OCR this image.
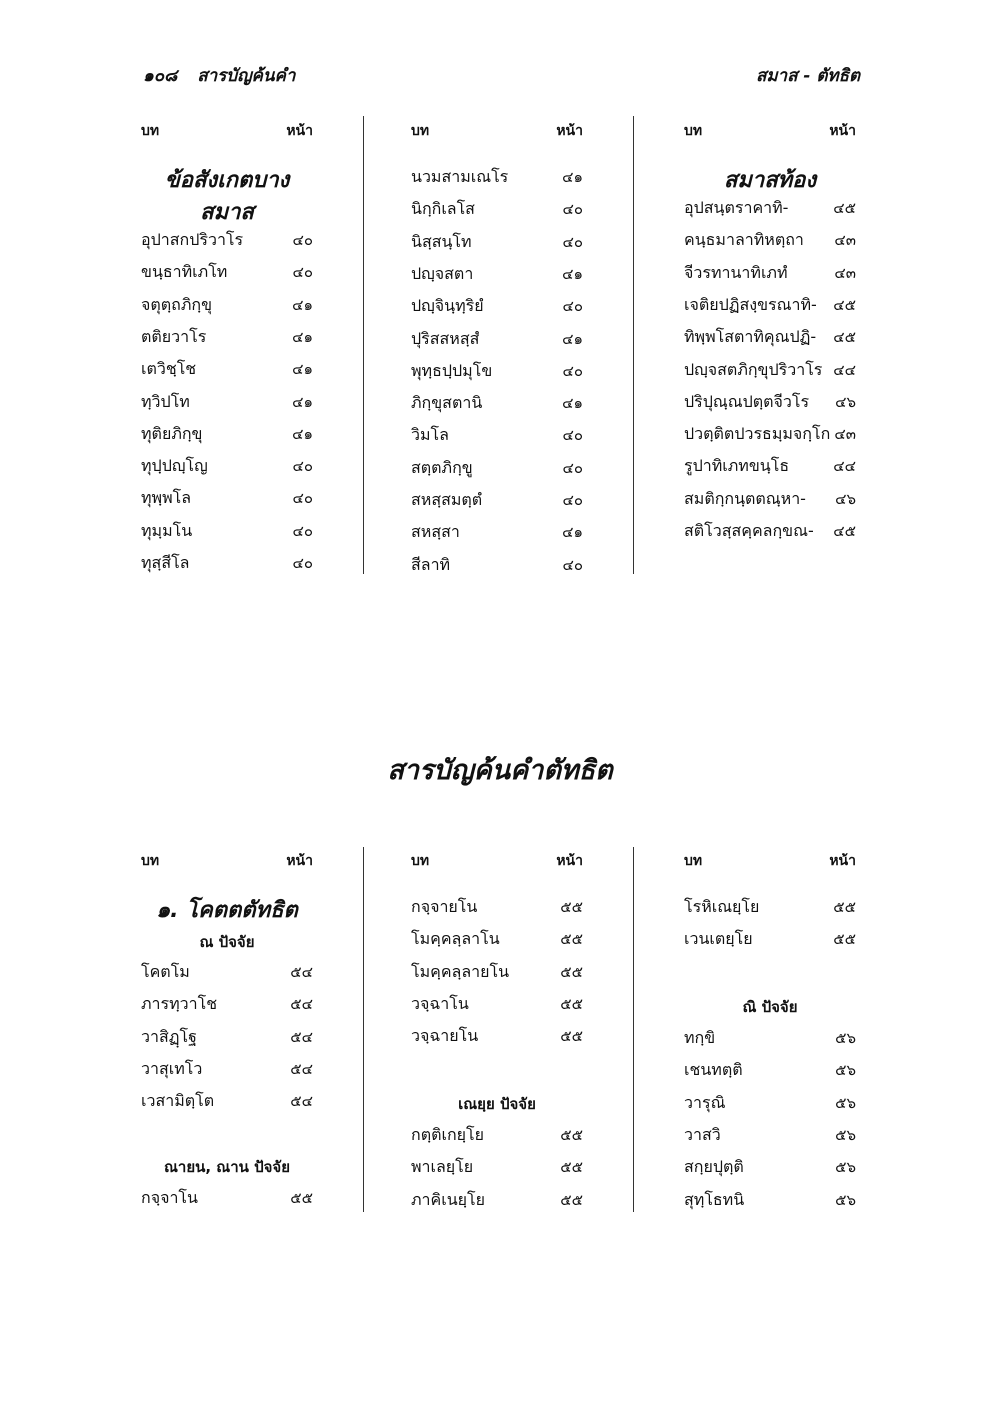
๑๐๘ สารบัญค้นคำ	สมาส - ตัทธิต
บท	หน้า
ข้อสังเกตบาง
สมาส
อุปาสกปริวาโร	๔๐
ขนฺธาทิเภโท	๔๐
จตุตฺถภิกฺขุ	๔๑
ตติยวาโร	๔๑
เตวิชฺโช	๔๑
ทฺวิปโท	๔๑
ทุติยภิกฺขุ	๔๑
ทุปฺปญฺโญ	๔๐
ทุพฺพโล	๔๐
ทุมฺมโน	๔๐
ทุสฺสีโล	๔๐
บท	หน้า
นวมสามเณโร	๔๑
นิกฺกิเลโส	๔๐
นิสฺสนฺโท	๔๐
ปญฺจสตา	๔๑
ปญฺจินฺทฺริยํ	๔๐
ปุริสสหสฺสํ	๔๑
พุทฺธปฺปมุโข	๔๐
ภิกฺขุสตานิ	๔๑
วิมโล	๔๐
สตฺตภิกฺขู	๔๐
สหสฺสมตฺตํ	๔๐
สหสฺสา	๔๑
สีลาทิ	๔๐
บท	หน้า
สมาสท้อง
อุปสนฺตราคาทิ-	๔๕
คนฺธมาลาทิหตฺถา ๔๓
จีวรทานาทิเภทํ	๔๓
เจติยปฏิสงฺขรณาทิ- ๔๕
ทิพฺพโสตาทิคุณปฏิ- ๔๕
ปญฺจสตภิกฺขุปริวาโร ๔๔
ปริปุณฺณปตฺตจีวโร ๔๖
ปวตฺติตปวรธมฺมจกฺโก ๔๓
รูปาทิเภทขนฺโธ	๔๔
สมติกฺกนฺตตณฺหา- ๔๖
สติโวสฺสคฺคลกฺขณ- ๔๕
สารบัญค้นคำตัทธิต
บท	หน้า
๑. โคตตตัทธิต
ณ ปัจจัย
ณายน, ณาน ปัจจัย
โคตโม	๕๔
ภารทฺวาโช	๕๔
วาสิฏฺโฐ	๕๔
วาสุเทโว	๕๔
เวสามิตฺโต	๕๔
กจฺจาโน	๕๕
บท	หน้า
เณยฺย ปัจจัย
กจฺจายโน	๕๕
โมคฺคลฺลาโน	๕๕
โมคฺคลฺลายโน	๕๕
วจฺฉาโน	๕๕
วจฺฉายโน	๕๕
กตฺติเกยฺโย	๕๕
พาเลยฺโย	๕๕
ภาคิเนยฺโย	๕๕
บท	หน้า
ณิ ปัจจัย
โรหิเณยฺโย	๕๕
เวนเตยฺโย	๕๕
ทกฺขิ	๕๖
เชนทตฺติ	๕๖
วารุณิ	๕๖
วาสวิ	๕๖
สกฺยปุตฺติ	๕๖
สุทฺโธทนิ	๕๖
